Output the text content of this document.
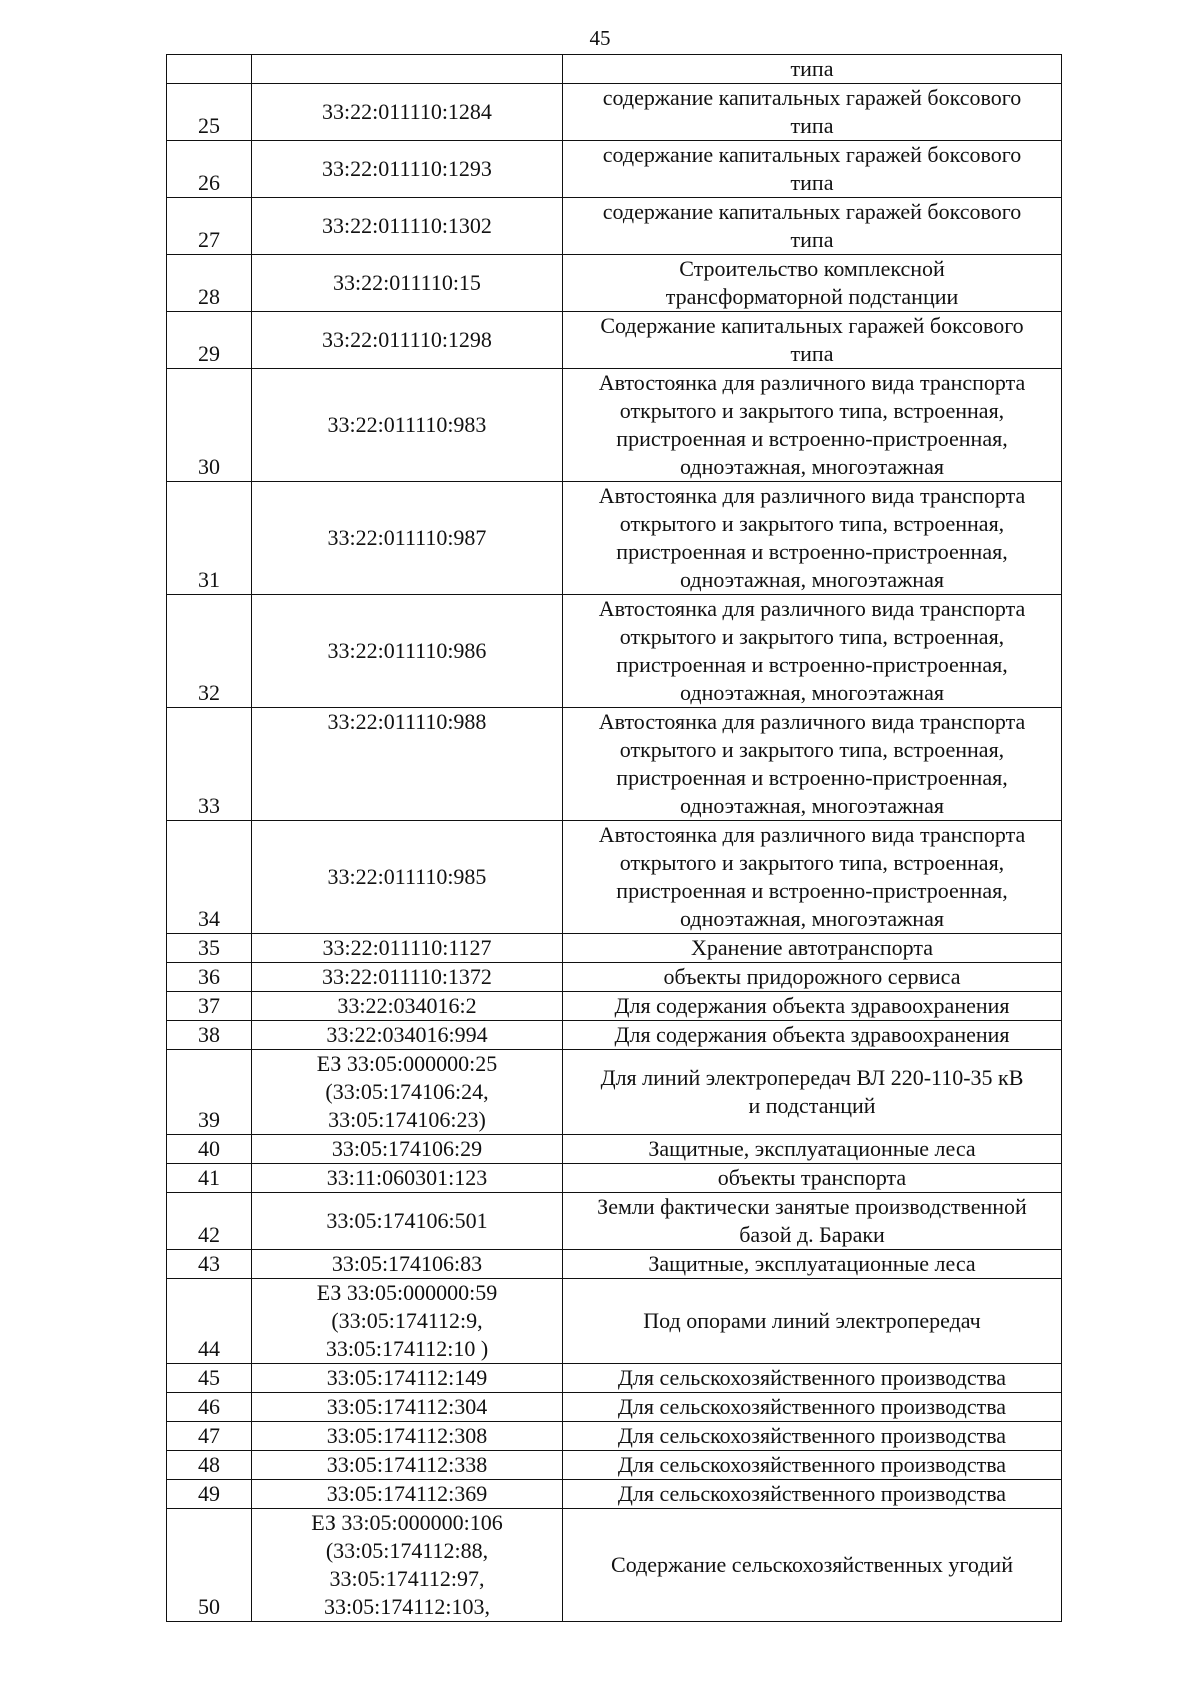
45

		типа

25	33:22:011110:1284	содержание капитальных гаражей боксового
типа

26	33:22:011110:1293	содержание капитальных гаражей боксового
типа

27	33:22:011110:1302	содержание капитальных гаражей боксового
типа

28	33:22:011110:15	Строительство комплексной
трансформаторной подстанции

29	33:22:011110:1298	Содержание капитальных гаражей боксового
типа

30	33:22:011110:983	Автостоянка для различного вида транспорта
открытого и закрытого типа, встроенная,
пристроенная и встроенно-пристроенная,
одноэтажная, многоэтажная

31	33:22:011110:987	Автостоянка для различного вида транспорта
открытого и закрытого типа, встроенная,
пристроенная и встроенно-пристроенная,
одноэтажная, многоэтажная

32	33:22:011110:986	Автостоянка для различного вида транспорта
открытого и закрытого типа, встроенная,
пристроенная и встроенно-пристроенная,
одноэтажная, многоэтажная

33	33:22:011110:988	Автостоянка для различного вида транспорта
открытого и закрытого типа, встроенная,
пристроенная и встроенно-пристроенная,
одноэтажная, многоэтажная

34	33:22:011110:985	Автостоянка для различного вида транспорта
открытого и закрытого типа, встроенная,
пристроенная и встроенно-пристроенная,
одноэтажная, многоэтажная

35	33:22:011110:1127	Хранение автотранспорта

36	33:22:011110:1372	объекты придорожного сервиса

37	33:22:034016:2	Для содержания объекта здравоохранения

38	33:22:034016:994	Для содержания объекта здравоохранения

39	ЕЗ 33:05:000000:25
(33:05:174106:24,
33:05:174106:23)	Для линий электропередач ВЛ 220-110-35 кВ
и подстанций

40	33:05:174106:29	Защитные, эксплуатационные леса

41	33:11:060301:123	объекты транспорта

42	33:05:174106:501	Земли фактически занятые производственной
базой д. Бараки

43	33:05:174106:83	Защитные, эксплуатационные леса

44	ЕЗ 33:05:000000:59
(33:05:174112:9,
33:05:174112:10 )	Под опорами линий электропередач

45	33:05:174112:149	Для сельскохозяйственного производства

46	33:05:174112:304	Для сельскохозяйственного производства

47	33:05:174112:308	Для сельскохозяйственного производства

48	33:05:174112:338	Для сельскохозяйственного производства

49	33:05:174112:369	Для сельскохозяйственного производства

50	ЕЗ 33:05:000000:106
(33:05:174112:88,
33:05:174112:97,
33:05:174112:103,	Содержание сельскохозяйственных угодий
